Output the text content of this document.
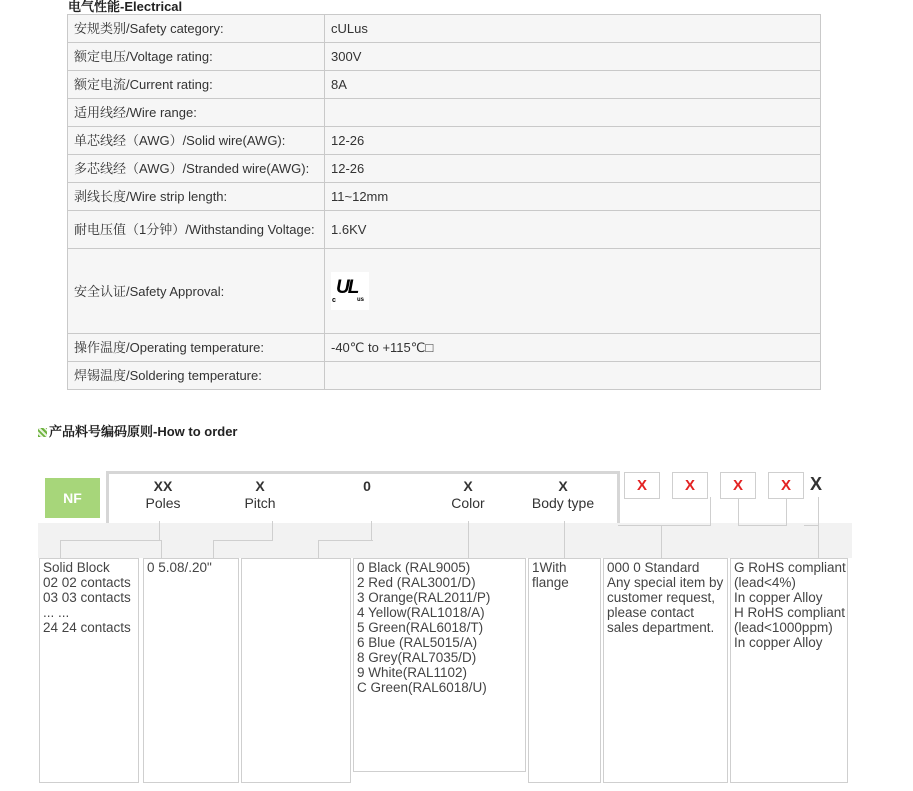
电气性能-Electrical
安规类别/Safety category:	cULus
额定电压/Voltage rating:	300V
额定电流/Current rating:	8A
适用线经/Wire range:	
单芯线经（AWG）/Solid wire(AWG):	12-26
多芯线经（AWG）/Stranded wire(AWG):	12-26
剥线长度/Wire strip length:	11~12mm
耐电压值（1分钟）/Withstanding Voltage:	1.6KV
安全认证/Safety Approval:	c
UL
us

操作温度/Operating temperature:	-40℃ to +115℃□
焊锡温度/Soldering temperature:	
产品料号编码原则-How to order
NF
XX
Poles
X
Pitch
0	X
Color
X
Body type
X	X	X	X	X
Solid Block
02 02 contacts
03 03 contacts
... ...
24 24 contacts
0 5.08/.20"	0 Black (RAL9005)
2 Red (RAL3001/D)
3 Orange(RAL2011/P)
4 Yellow(RAL1018/A)
5 Green(RAL6018/T)
6 Blue (RAL5015/A)
8 Grey(RAL7035/D)
9 White(RAL1102)
C Green(RAL6018/U)
1With
flange
000 0 Standard
Any special item by
customer request,
please contact
sales department.
G RoHS compliant
(lead<4%)
In copper Alloy
H RoHS compliant
(lead<1000ppm)
In copper Alloy
